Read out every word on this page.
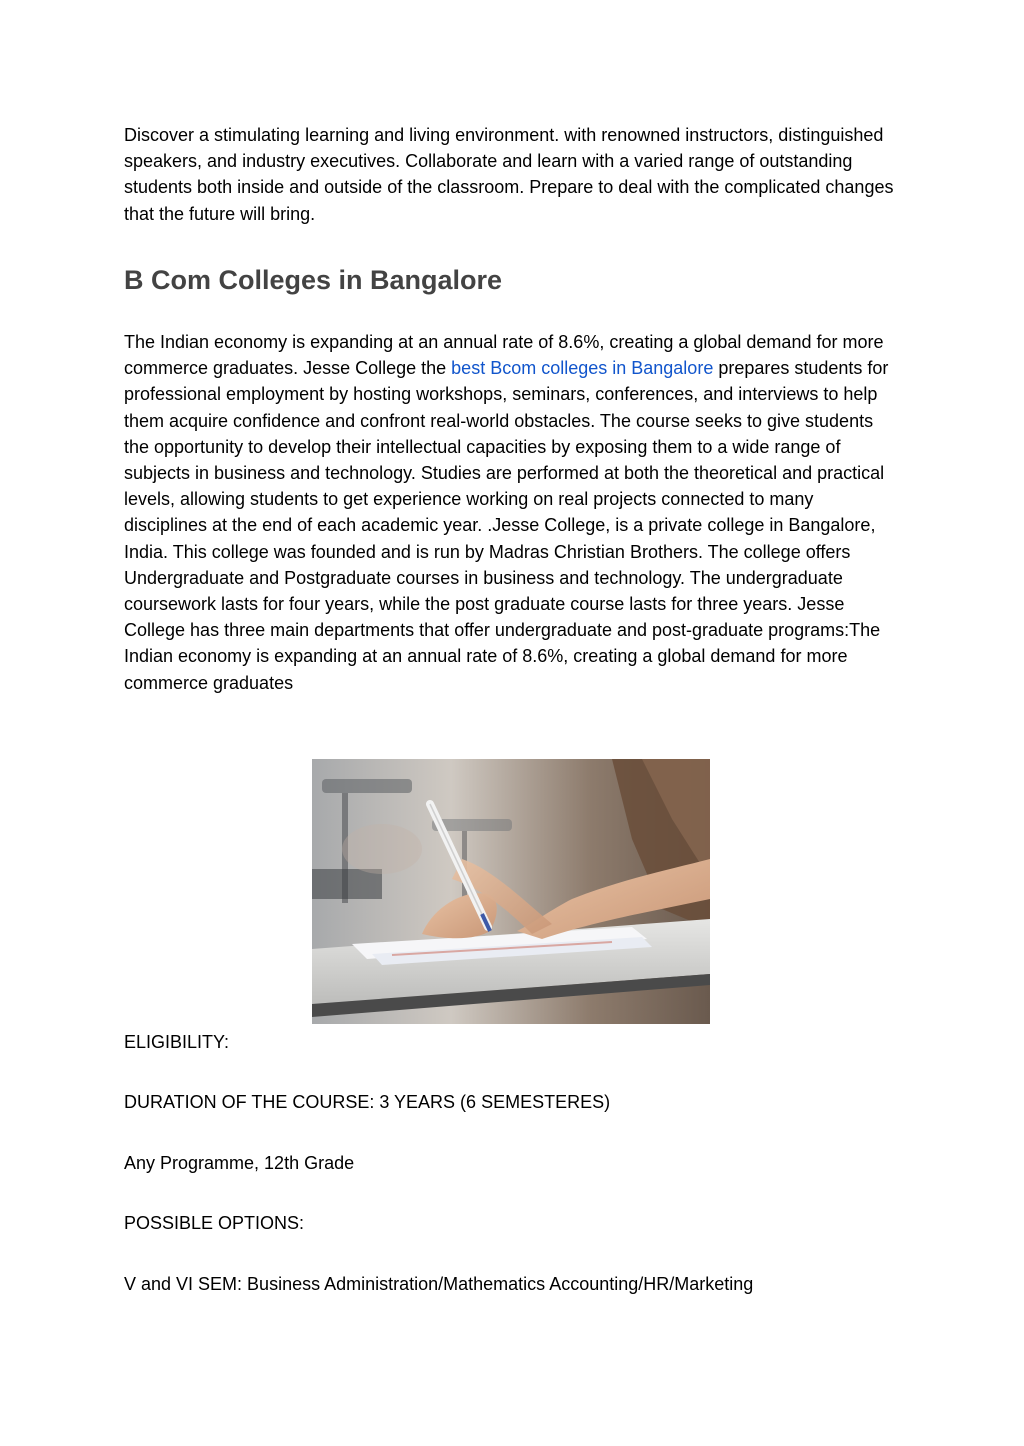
Discover a stimulating learning and living environment. with renowned instructors, distinguished speakers, and industry executives. Collaborate and learn with a varied range of outstanding students both inside and outside of the classroom. Prepare to deal with the complicated changes that the future will bring.

B Com Colleges in Bangalore

The Indian economy is expanding at an annual rate of 8.6%, creating a global demand for more commerce graduates. Jesse College the best Bcom colleges in Bangalore prepares students for professional employment by hosting workshops, seminars, conferences, and interviews to help them acquire confidence and confront real-world obstacles. The course seeks to give students the opportunity to develop their intellectual capacities by exposing them to a wide range of subjects in business and technology. Studies are performed at both the theoretical and practical levels, allowing students to get experience working on real projects connected to many disciplines at the end of each academic year. .Jesse College, is a private college in Bangalore, India. This college was founded and is run by Madras Christian Brothers. The college offers Undergraduate and Postgraduate courses in business and technology. The undergraduate coursework lasts for four years, while the post graduate course lasts for three years. Jesse College has three main departments that offer undergraduate and post-graduate programs:The Indian economy is expanding at an annual rate of 8.6%, creating a global demand for more commerce graduates

ELIGIBILITY:

DURATION OF THE COURSE: 3 YEARS (6 SEMESTERES)

Any Programme, 12th Grade

POSSIBLE OPTIONS:

V and VI SEM: Business Administration/Mathematics Accounting/HR/Marketing
